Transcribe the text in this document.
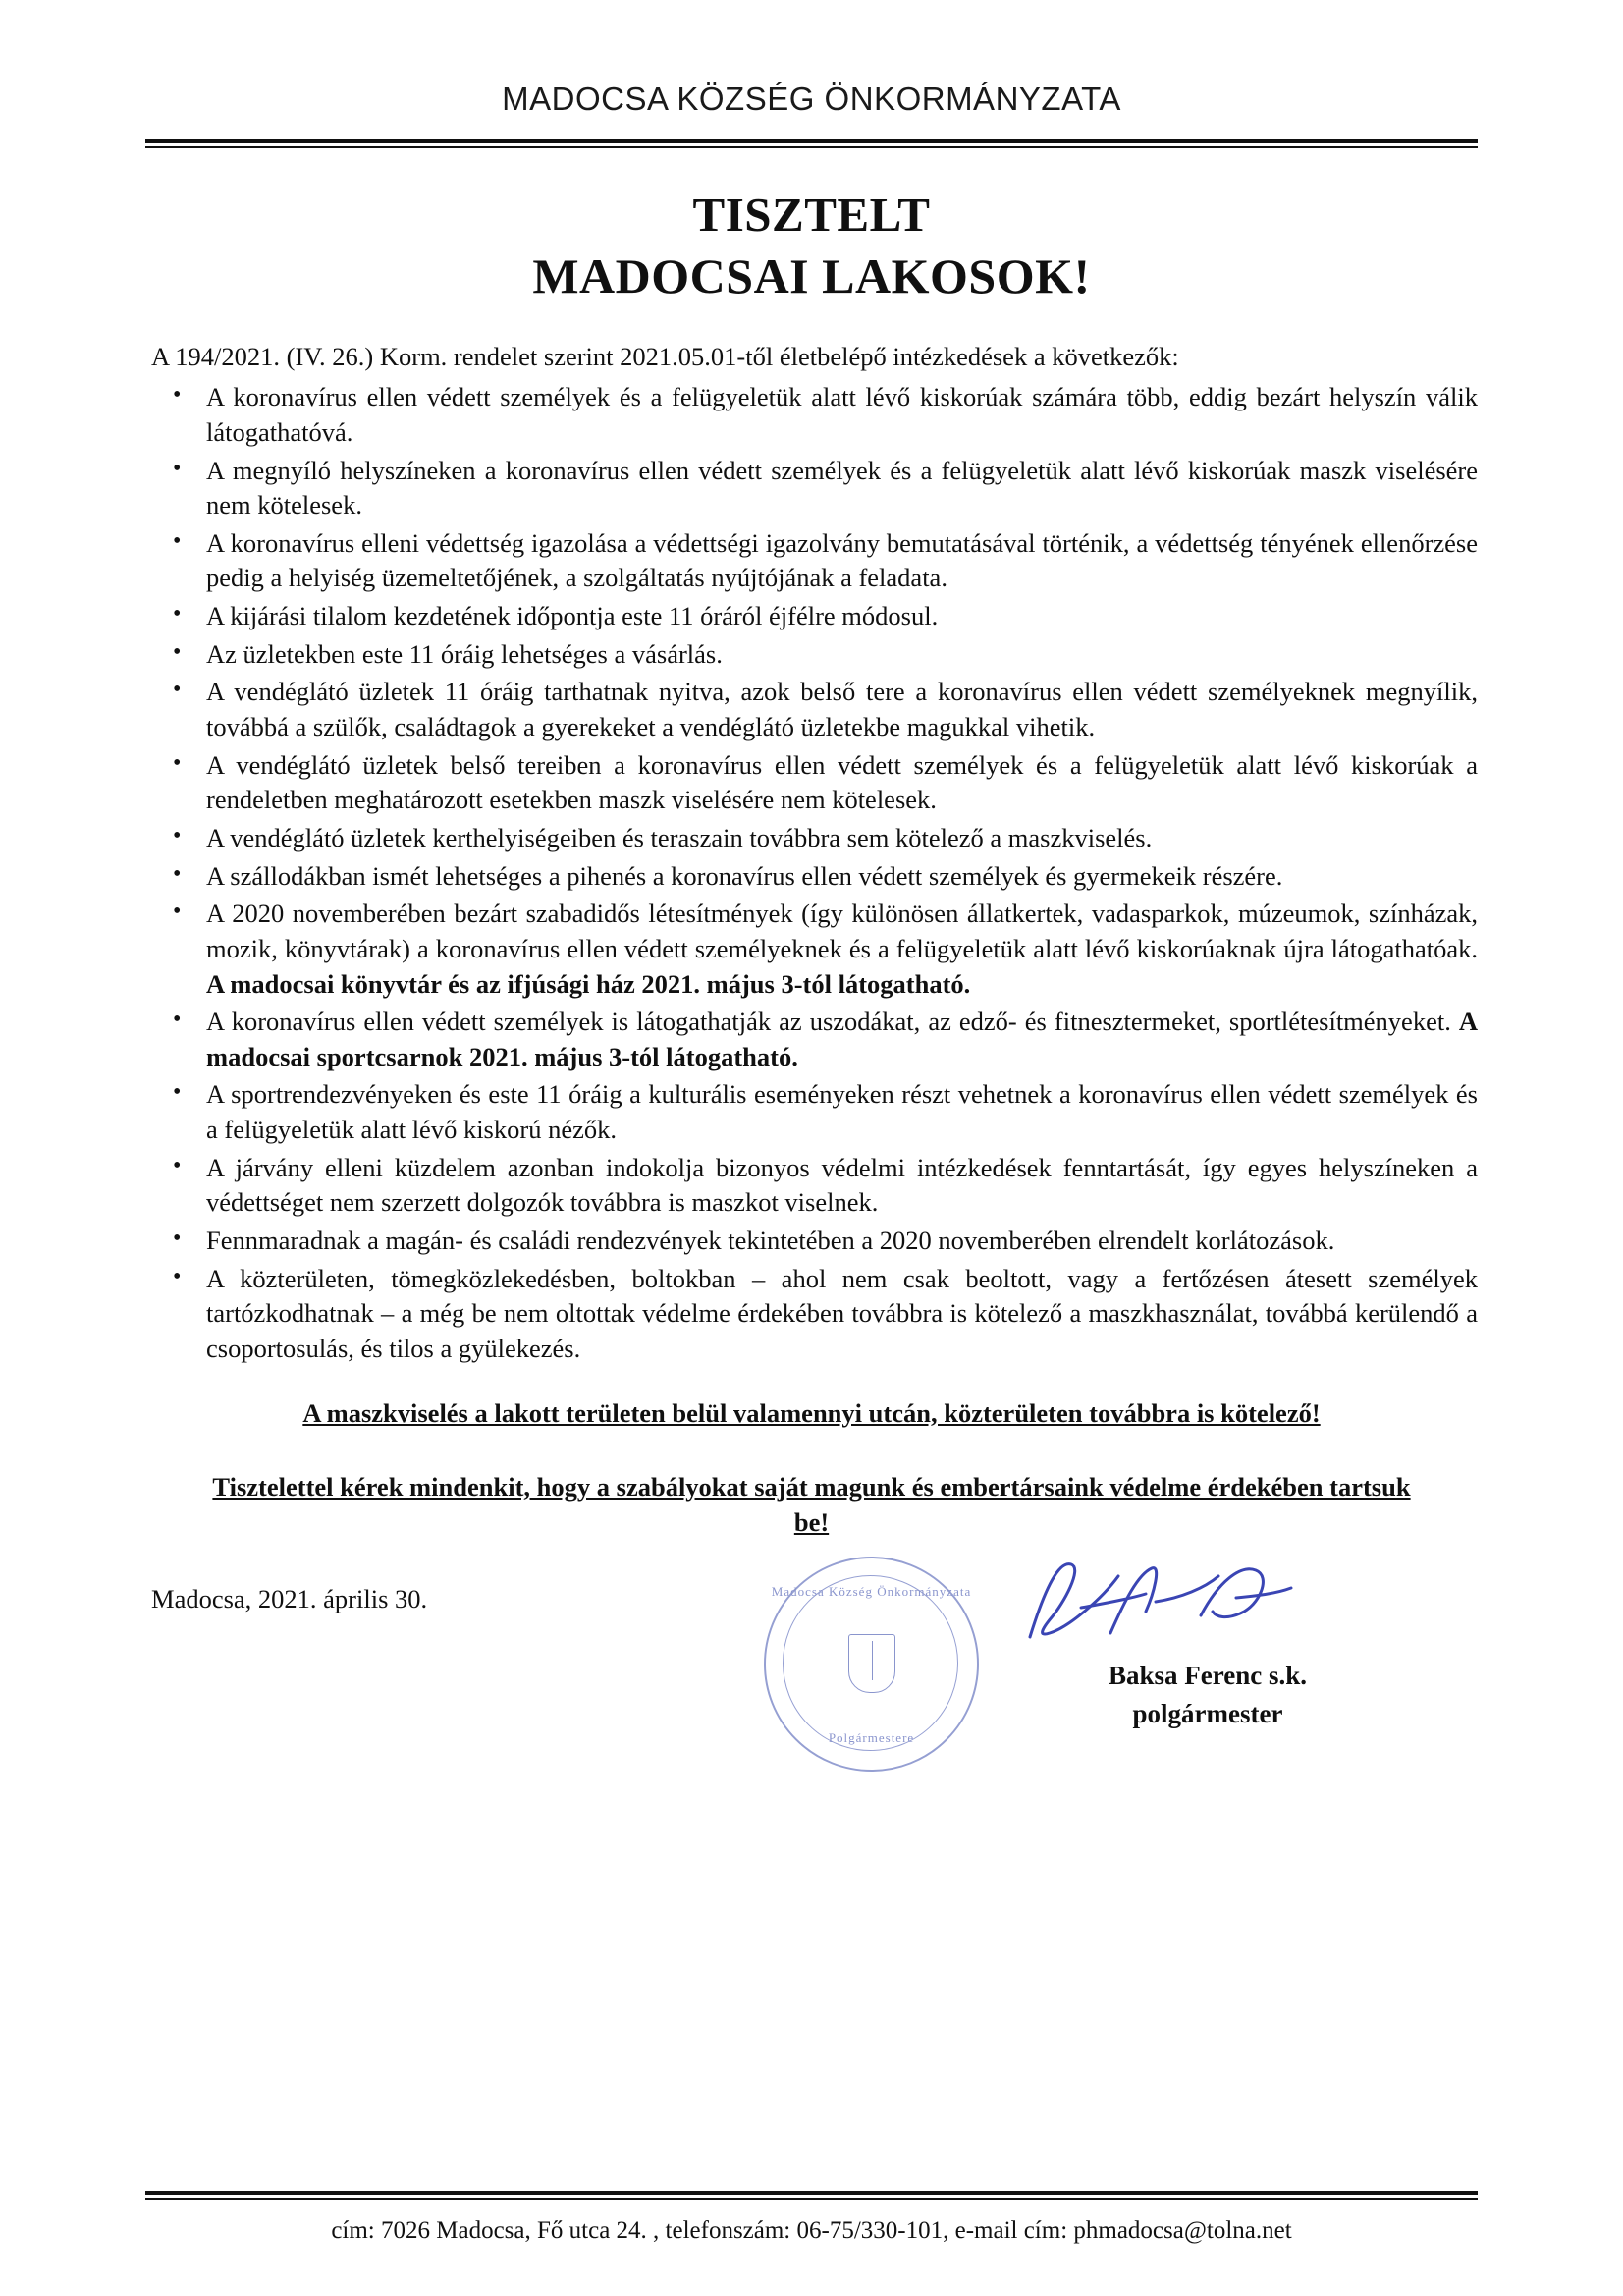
MADOCSA KÖZSÉG ÖNKORMÁNYZATA
TISZTELT
MADOCSAI LAKOSOK!

A 194/2021. (IV. 26.) Korm. rendelet szerint 2021.05.01-től életbelépő intézkedések a következők:

• A koronavírus ellen védett személyek és a felügyeletük alatt lévő kiskorúak számára több, eddig bezárt helyszín válik látogathatóvá.
• A megnyíló helyszíneken a koronavírus ellen védett személyek és a felügyeletük alatt lévő kiskorúak maszk viselésére nem kötelesek.
• A koronavírus elleni védettség igazolása a védettségi igazolvány bemutatásával történik, a védettség tényének ellenőrzése pedig a helyiség üzemeltetőjének, a szolgáltatás nyújtójának a feladata.
• A kijárási tilalom kezdetének időpontja este 11 óráról éjfélre módosul.
• Az üzletekben este 11 óráig lehetséges a vásárlás.
• A vendéglátó üzletek 11 óráig tarthatnak nyitva, azok belső tere a koronavírus ellen védett személyeknek megnyílik, továbbá a szülők, családtagok a gyerekeket a vendéglátó üzletekbe magukkal vihetik.
• A vendéglátó üzletek belső tereiben a koronavírus ellen védett személyek és a felügyeletük alatt lévő kiskorúak a rendeletben meghatározott esetekben maszk viselésére nem kötelesek.
• A vendéglátó üzletek kerthelyiségeiben és teraszain továbbra sem kötelező a maszkviselés.
• A szállodákban ismét lehetséges a pihenés a koronavírus ellen védett személyek és gyermekeik részére.
• A 2020 novemberében bezárt szabadidős létesítmények (így különösen állatkertek, vadasparkok, múzeumok, színházak, mozik, könyvtárak) a koronavírus ellen védett személyeknek és a felügyeletük alatt lévő kiskorúaknak újra látogathatóak. A madocsai könyvtár és az ifjúsági ház 2021. május 3-tól látogatható.
• A koronavírus ellen védett személyek is látogathatják az uszodákat, az edző- és fitnesztermeket, sportlétesítményeket. A madocsai sportcsarnok 2021. május 3-tól látogatható.
• A sportrendezvényeken és este 11 óráig a kulturális eseményeken részt vehetnek a koronavírus ellen védett személyek és a felügyeletük alatt lévő kiskorú nézők.
• A járvány elleni küzdelem azonban indokolja bizonyos védelmi intézkedések fenntartását, így egyes helyszíneken a védettséget nem szerzett dolgozók továbbra is maszkot viselnek.
• Fennmaradnak a magán- és családi rendezvények tekintetében a 2020 novemberében elrendelt korlátozások.
• A közterületen, tömegközlekedésben, boltokban – ahol nem csak beoltott, vagy a fertőzésen átesett személyek tartózkodhatnak – a még be nem oltottak védelme érdekében továbbra is kötelező a maszkhasználat, továbbá kerülendő a csoportosulás, és tilos a gyülekezés.
A maszkviselés a lakott területen belül valamennyi utcán, közterületen továbbra is kötelező!
Tisztelettel kérek mindenkit, hogy a szabályokat saját magunk és embertársaink védelme érdekében tartsuk be!
Madocsa, 2021. április 30.	Madocsa Község Önkormányzata
Polgármestere
Baksa Ferenc s.k.
polgármester
cím: 7026 Madocsa, Fő utca 24. , telefonszám: 06-75/330-101, e-mail cím: phmadocsa@tolna.net
